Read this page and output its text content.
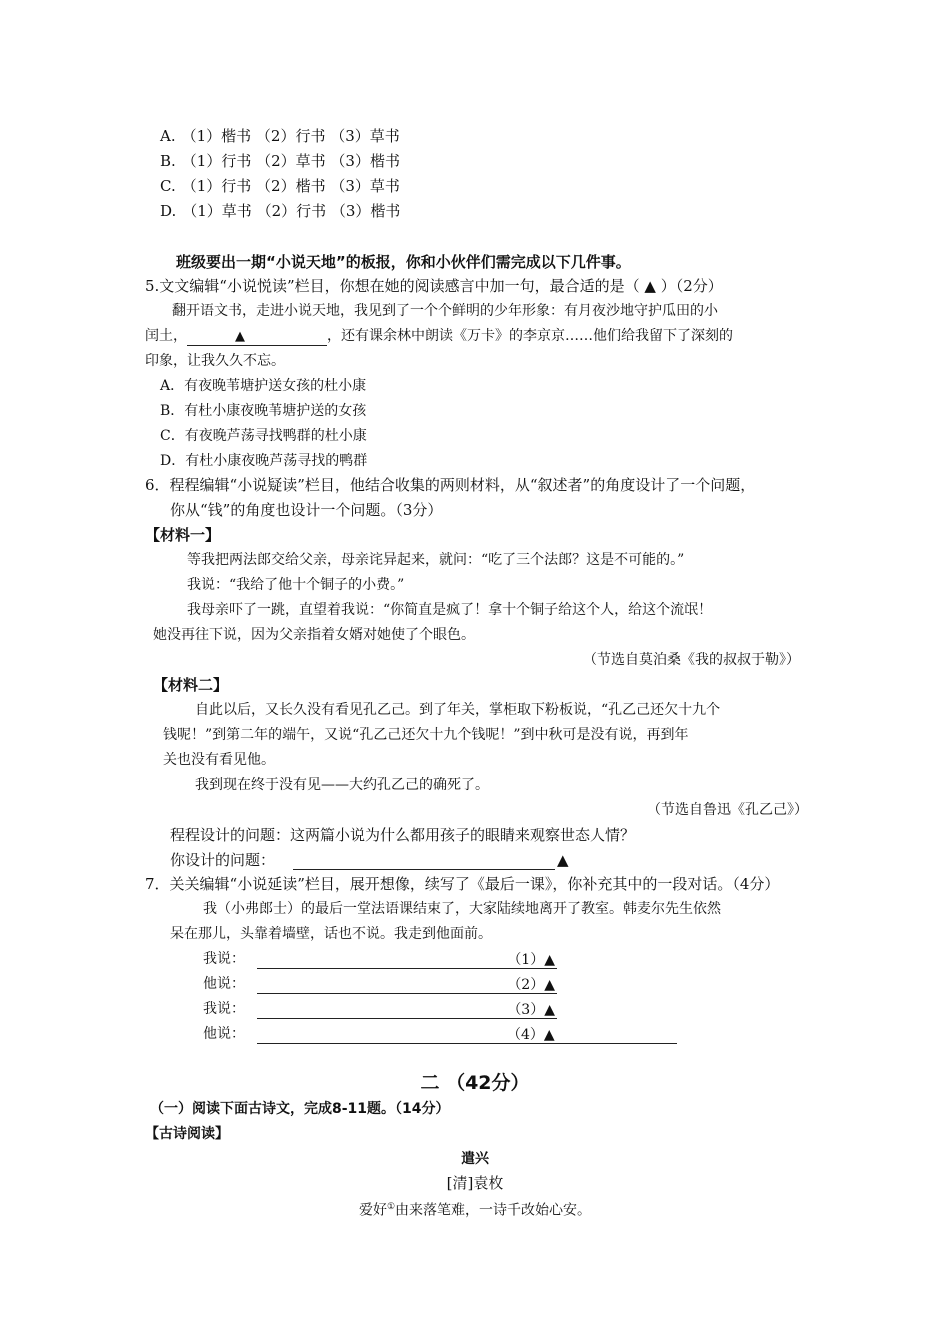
A. （1）楷书 （2）行书 （3）草书
B. （1）行书 （2）草书 （3）楷书
C. （1）行书 （2）楷书 （3）草书
D. （1）草书 （2）行书 （3）楷书
班级要出一期“小说天地”的板报，你和小伙伴们需完成以下几件事。
5.文文编辑“小说悦读”栏目，你想在她的阅读感言中加一句，最合适的是（ ▲ ）（2分）
翻开语文书，走进小说天地，我见到了一个个鲜明的少年形象：有月夜沙地守护瓜田的小
闰土，	▲	，还有课余林中朗读《万卡》的李京京……他们给我留下了深刻的
印象，让我久久不忘。
A．有夜晚苇塘护送女孩的杜小康
B．有杜小康夜晚苇塘护送的女孩
C．有夜晚芦荡寻找鸭群的杜小康
D．有杜小康夜晚芦荡寻找的鸭群
6．程程编辑“小说疑读”栏目，他结合收集的两则材料，从“叙述者”的角度设计了一个问题，
你从“钱”的角度也设计一个问题。（3分）
【材料一】
等我把两法郎交给父亲，母亲诧异起来，就问：“吃了三个法郎？这是不可能的。”
我说：“我给了他十个铜子的小费。”
我母亲吓了一跳，直望着我说：“你简直是疯了！拿十个铜子给这个人，给这个流氓！
她没再往下说，因为父亲指着女婿对她使了个眼色。
（节选自莫泊桑《我的叔叔于勒》）
【材料二】
自此以后，又长久没有看见孔乙己。到了年关，掌柜取下粉板说，“孔乙己还欠十九个
钱呢！”到第二年的端午，又说“孔乙己还欠十九个钱呢！”到中秋可是没有说，再到年
关也没有看见他。
我到现在终于没有见——大约孔乙己的确死了。
（节选自鲁迅《孔乙己》）
程程设计的问题：这两篇小说为什么都用孩子的眼睛来观察世态人情？
你设计的问题：	▲
7．关关编辑“小说延读”栏目，展开想像，续写了《最后一课》，你补充其中的一段对话。（4分）
我（小弗郎士）的最后一堂法语课结束了，大家陆续地离开了教室。韩麦尔先生依然
呆在那儿，头靠着墙壁，话也不说。我走到他面前。
我说：	（1）▲
他说：	（2）▲
我说：	（3）▲
他说：	（4）▲
二 （42分）
（一）阅读下面古诗文，完成8-11题。（14分）
【古诗阅读】
遣兴
[清]袁枚
爱好①由来落笔难，一诗千改始心安。
